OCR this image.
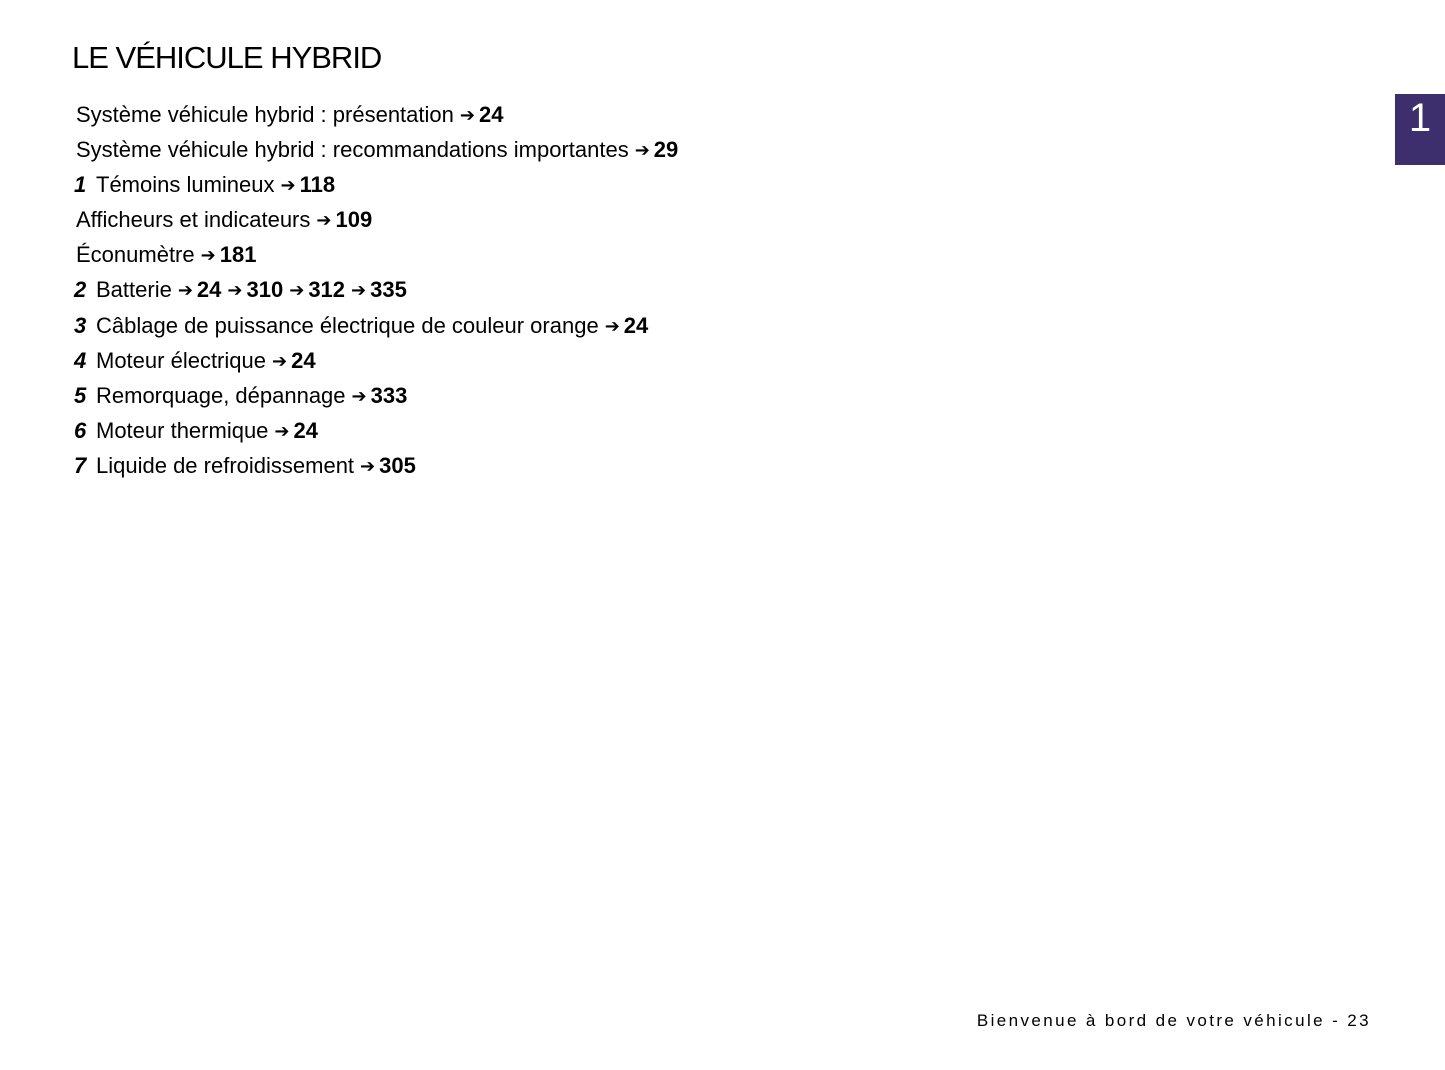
LE VÉHICULE HYBRID
1
Système véhicule hybrid : présentation ➔ 24
Système véhicule hybrid : recommandations importantes ➔ 29
1 Témoins lumineux ➔ 118
Afficheurs et indicateurs ➔ 109
Éconumètre ➔ 181
2 Batterie ➔ 24 ➔ 310 ➔ 312 ➔ 335
3 Câblage de puissance électrique de couleur orange ➔ 24
4 Moteur électrique ➔ 24
5 Remorquage, dépannage ➔ 333
6 Moteur thermique ➔ 24
7 Liquide de refroidissement ➔ 305
Bienvenue à bord de votre véhicule - 23
